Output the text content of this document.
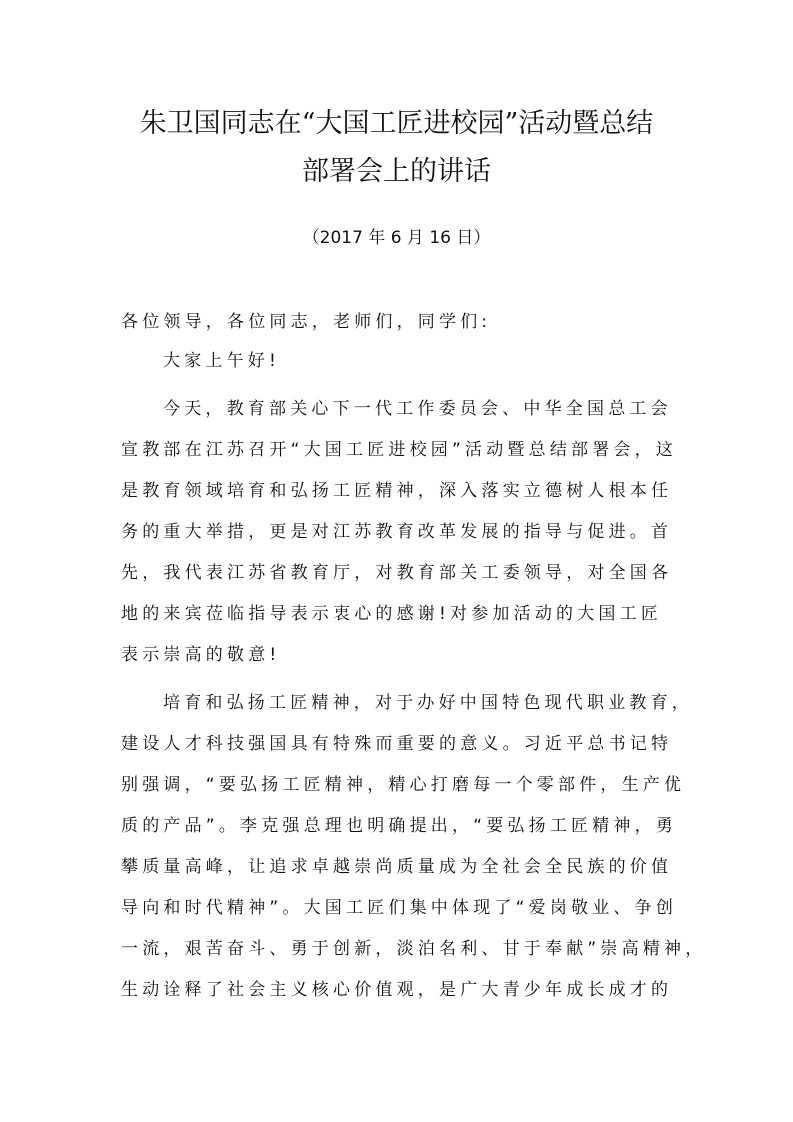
朱卫国同志在“大国工匠进校园”活动暨总结
部署会上的讲话
（2017 年 6 月 16 日）
各位领导，各位同志，老师们，同学们:
大家上午好!
今天，教育部关心下一代工作委员会、中华全国总工会
宣教部在江苏召开“大国工匠进校园”活动暨总结部署会，这
是教育领域培育和弘扬工匠精神，深入落实立德树人根本任
务的重大举措，更是对江苏教育改革发展的指导与促进。首
先，我代表江苏省教育厅，对教育部关工委领导，对全国各
地的来宾莅临指导表示衷心的感谢!对参加活动的大国工匠
表示崇高的敬意!
培育和弘扬工匠精神，对于办好中国特色现代职业教育，
建设人才科技强国具有特殊而重要的意义。习近平总书记特
别强调，“要弘扬工匠精神，精心打磨每一个零部件，生产优
质的产品”。李克强总理也明确提出，“要弘扬工匠精神，勇
攀质量高峰，让追求卓越崇尚质量成为全社会全民族的价值
导向和时代精神”。大国工匠们集中体现了“爱岗敬业、争创
一流，艰苦奋斗、勇于创新，淡泊名利、甘于奉献”崇高精神，
生动诠释了社会主义核心价值观，是广大青少年成长成才的
